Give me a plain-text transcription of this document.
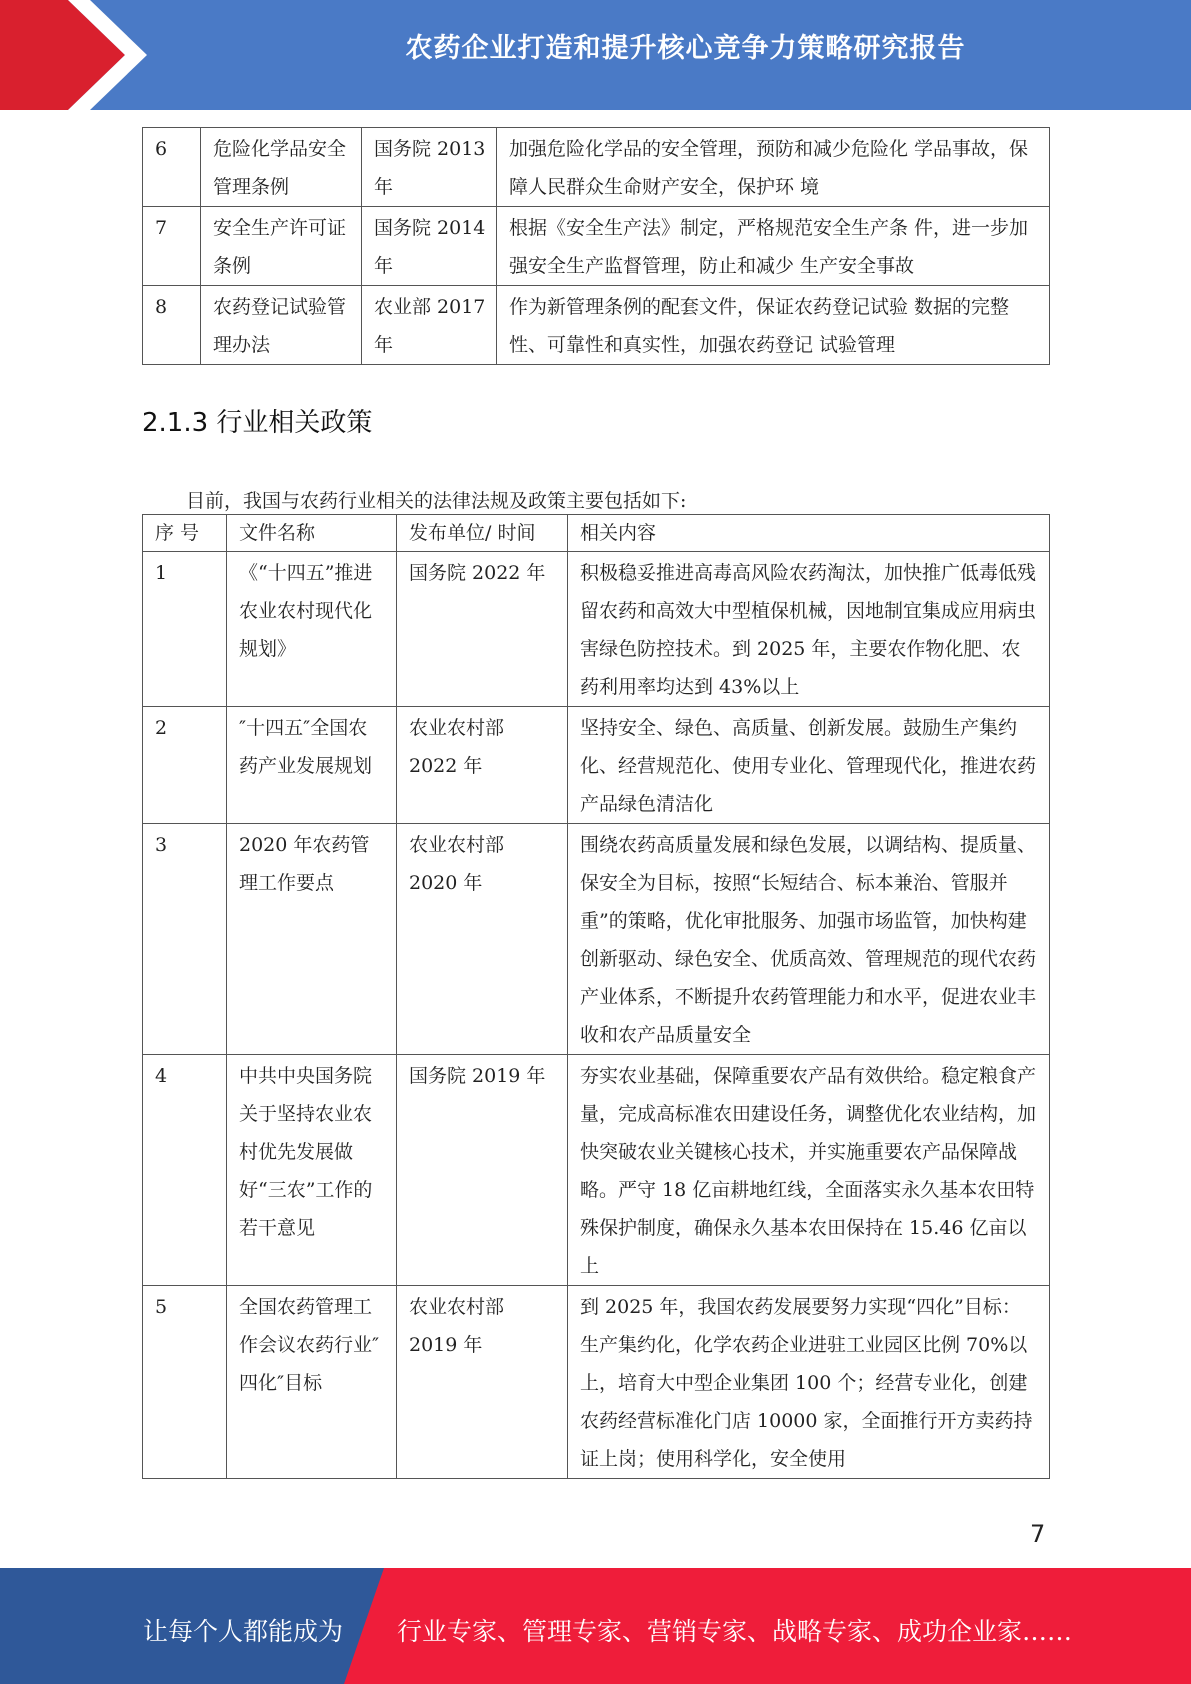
农药企业打造和提升核心竞争力策略研究报告
6	危险化学品安全管理条例	国务院 2013 年	加强危险化学品的安全管理，预防和减少危险化 学品事故，保障人民群众生命财产安全，保护环 境
7	安全生产许可证条例	国务院 2014 年	根据《安全生产法》制定，严格规范安全生产条 件，进一步加强安全生产监督管理，防止和减少 生产安全事故
8	农药登记试验管理办法	农业部 2017 年	作为新管理条例的配套文件，保证农药登记试验 数据的完整性、可靠性和真实性，加强农药登记 试验管理
2.1.3 行业相关政策
目前，我国与农药行业相关的法律法规及政策主要包括如下:
序 号	文件名称	发布单位/ 时间	相关内容
1	《“十四五”推进农业农村现代化规划》	国务院 2022 年	积极稳妥推进高毒高风险农药淘汰，加快推广低毒低残留农药和高效大中型植保机械，因地制宜集成应用病虫害绿色防控技术。到 2025 年，主要农作物化肥、农药利用率均达到 43%以上
2	″十四五″全国农药产业发展规划	农业农村部 2022 年	坚持安全、绿色、高质量、创新发展。鼓励生产集约化、经营规范化、使用专业化、管理现代化，推进农药产品绿色清洁化
3	2020 年农药管理工作要点	农业农村部 2020 年	围绕农药高质量发展和绿色发展，以调结构、提质量、保安全为目标，按照“长短结合、标本兼治、管服并重”的策略，优化审批服务、加强市场监管，加快构建创新驱动、绿色安全、优质高效、管理规范的现代农药产业体系，不断提升农药管理能力和水平，促进农业丰收和农产品质量安全
4	中共中央国务院关于坚持农业农村优先发展做好“三农”工作的若干意见	国务院 2019 年	夯实农业基础，保障重要农产品有效供给。稳定粮食产量，完成高标准农田建设任务，调整优化农业结构，加快突破农业关键核心技术，并实施重要农产品保障战略。严守 18 亿亩耕地红线，全面落实永久基本农田特殊保护制度，确保永久基本农田保持在 15.46 亿亩以上
5	全国农药管理工作会议农药行业″四化″目标	农业农村部 2019 年	到 2025 年，我国农药发展要努力实现“四化”目标：生产集约化，化学农药企业进驻工业园区比例 70%以上，培育大中型企业集团 100 个；经营专业化，创建农药经营标准化门店 10000 家，全面推行开方卖药持证上岗；使用科学化，安全使用
7
让每个人都能成为 行业专家、管理专家、营销专家、战略专家、成功企业家……
